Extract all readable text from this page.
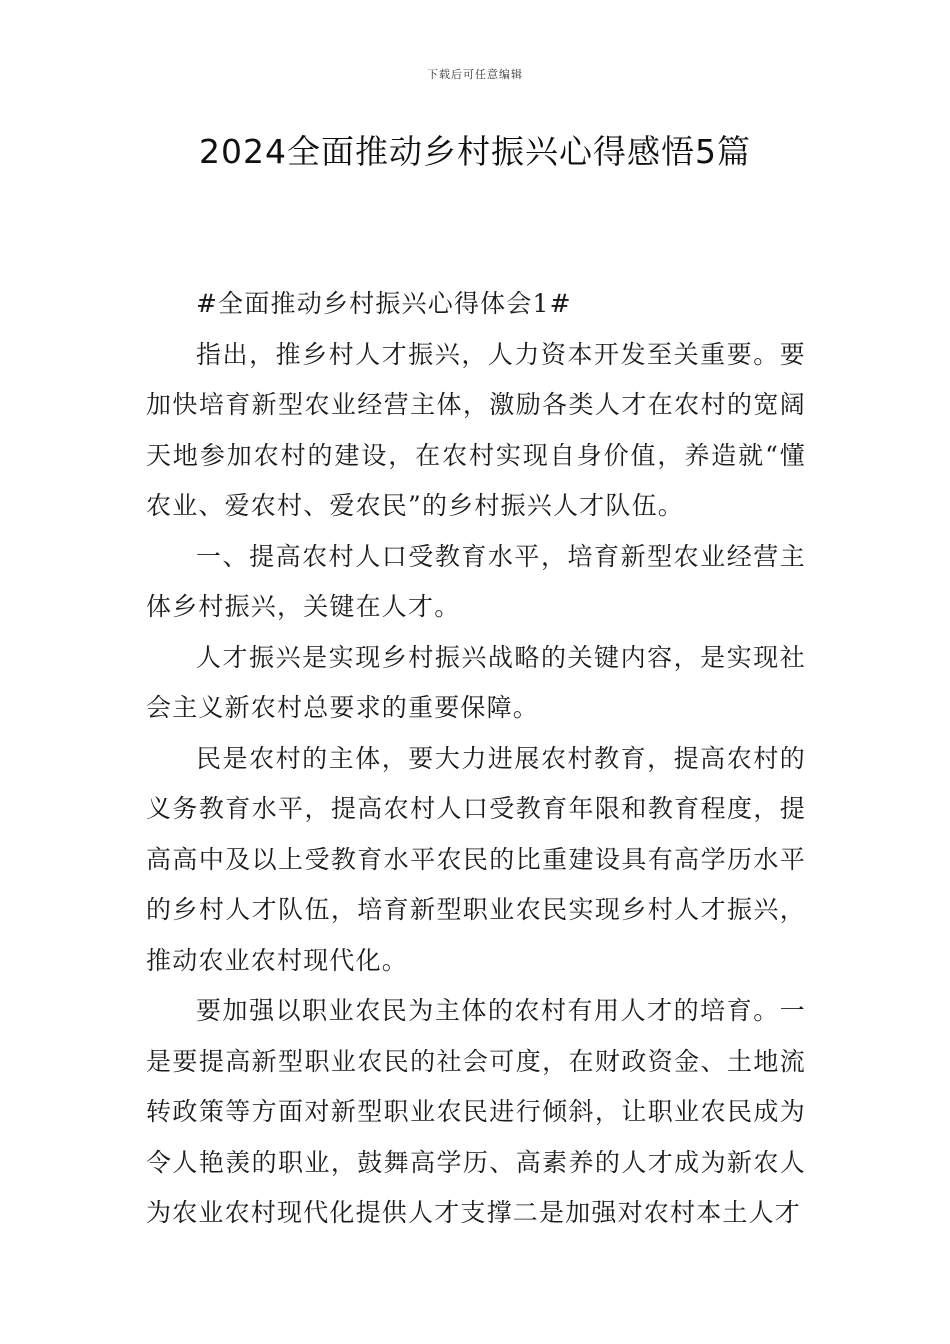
下载后可任意编辑
2024全面推动乡村振兴心得感悟5篇

#全面推动乡村振兴心得体会1#

指出，推乡村人才振兴，人力资本开发至关重要。要加快培育新型农业经营主体，激励各类人才在农村的宽阔天地参加农村的建设，在农村实现自身价值，养造就“懂农业、爱农村、爱农民”的乡村振兴人才队伍。

一、提高农村人口受教育水平，培育新型农业经营主体乡村振兴，关键在人才。

人才振兴是实现乡村振兴战略的关键内容，是实现社会主义新农村总要求的重要保障。

民是农村的主体，要大力进展农村教育，提高农村的义务教育水平，提高农村人口受教育年限和教育程度，提高高中及以上受教育水平农民的比重建设具有高学历水平的乡村人才队伍，培育新型职业农民实现乡村人才振兴，推动农业农村现代化。

要加强以职业农民为主体的农村有用人才的培育。一是要提高新型职业农民的社会可度，在财政资金、土地流转政策等方面对新型职业农民进行倾斜，让职业农民成为令人艳羡的职业，鼓舞高学历、高素养的人才成为新农人为农业农村现代化提供人才支撑二是加强对农村本土人才
